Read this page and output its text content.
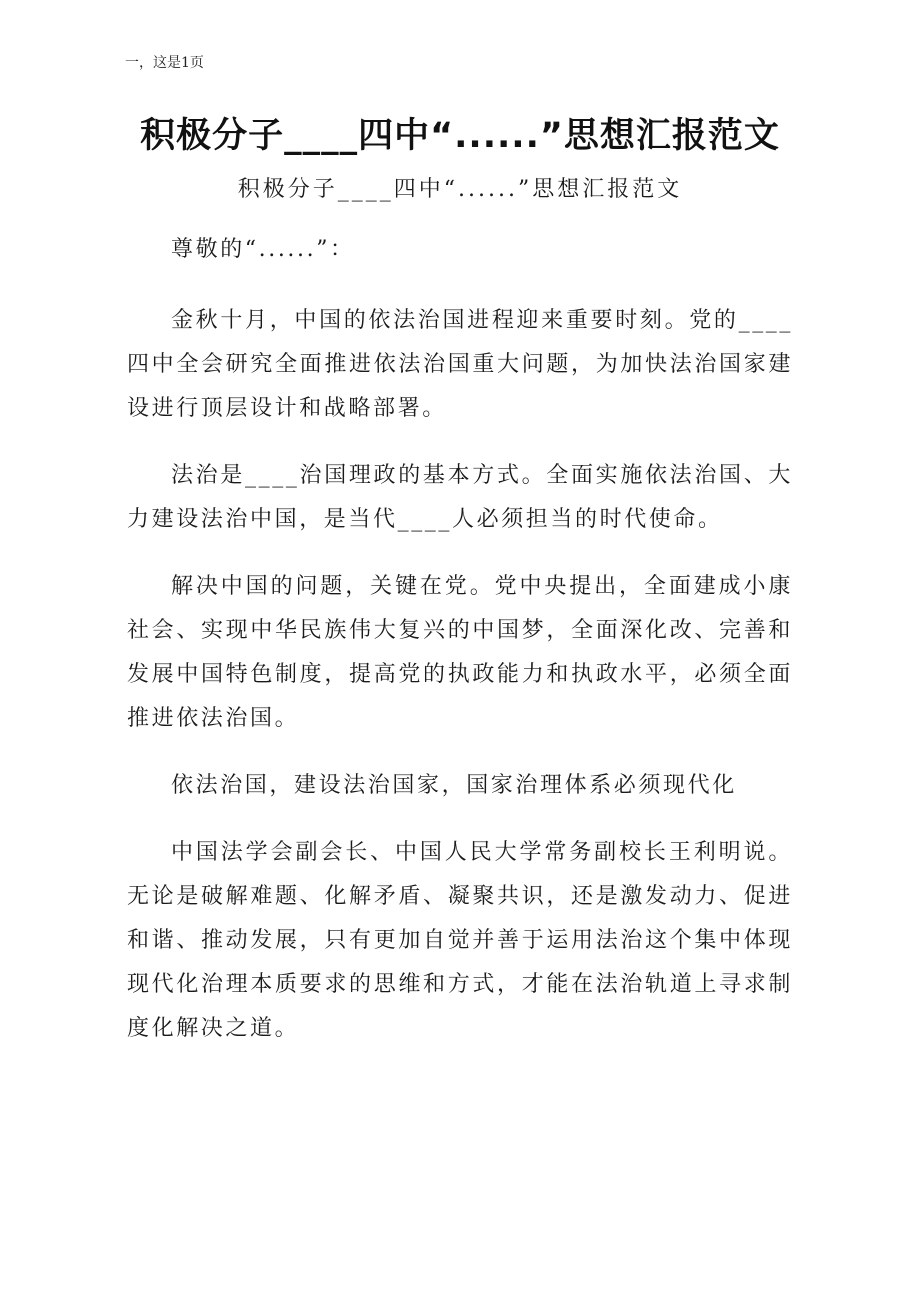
一，这是1页
积极分子____四中“......”思想汇报范文
积极分子____四中“......”思想汇报范文

尊敬的“......”：

金秋十月，中国的依法治国进程迎来重要时刻。党的____四中全会研究全面推进依法治国重大问题，为加快法治国家建设进行顶层设计和战略部署。

法治是____治国理政的基本方式。全面实施依法治国、大力建设法治中国，是当代____人必须担当的时代使命。

解决中国的问题，关键在党。党中央提出，全面建成小康社会、实现中华民族伟大复兴的中国梦，全面深化改、完善和发展中国特色制度，提高党的执政能力和执政水平，必须全面推进依法治国。

依法治国，建设法治国家，国家治理体系必须现代化

中国法学会副会长、中国人民大学常务副校长王利明说。无论是破解难题、化解矛盾、凝聚共识，还是激发动力、促进和谐、推动发展，只有更加自觉并善于运用法治这个集中体现现代化治理本质要求的思维和方式，才能在法治轨道上寻求制度化解决之道。
